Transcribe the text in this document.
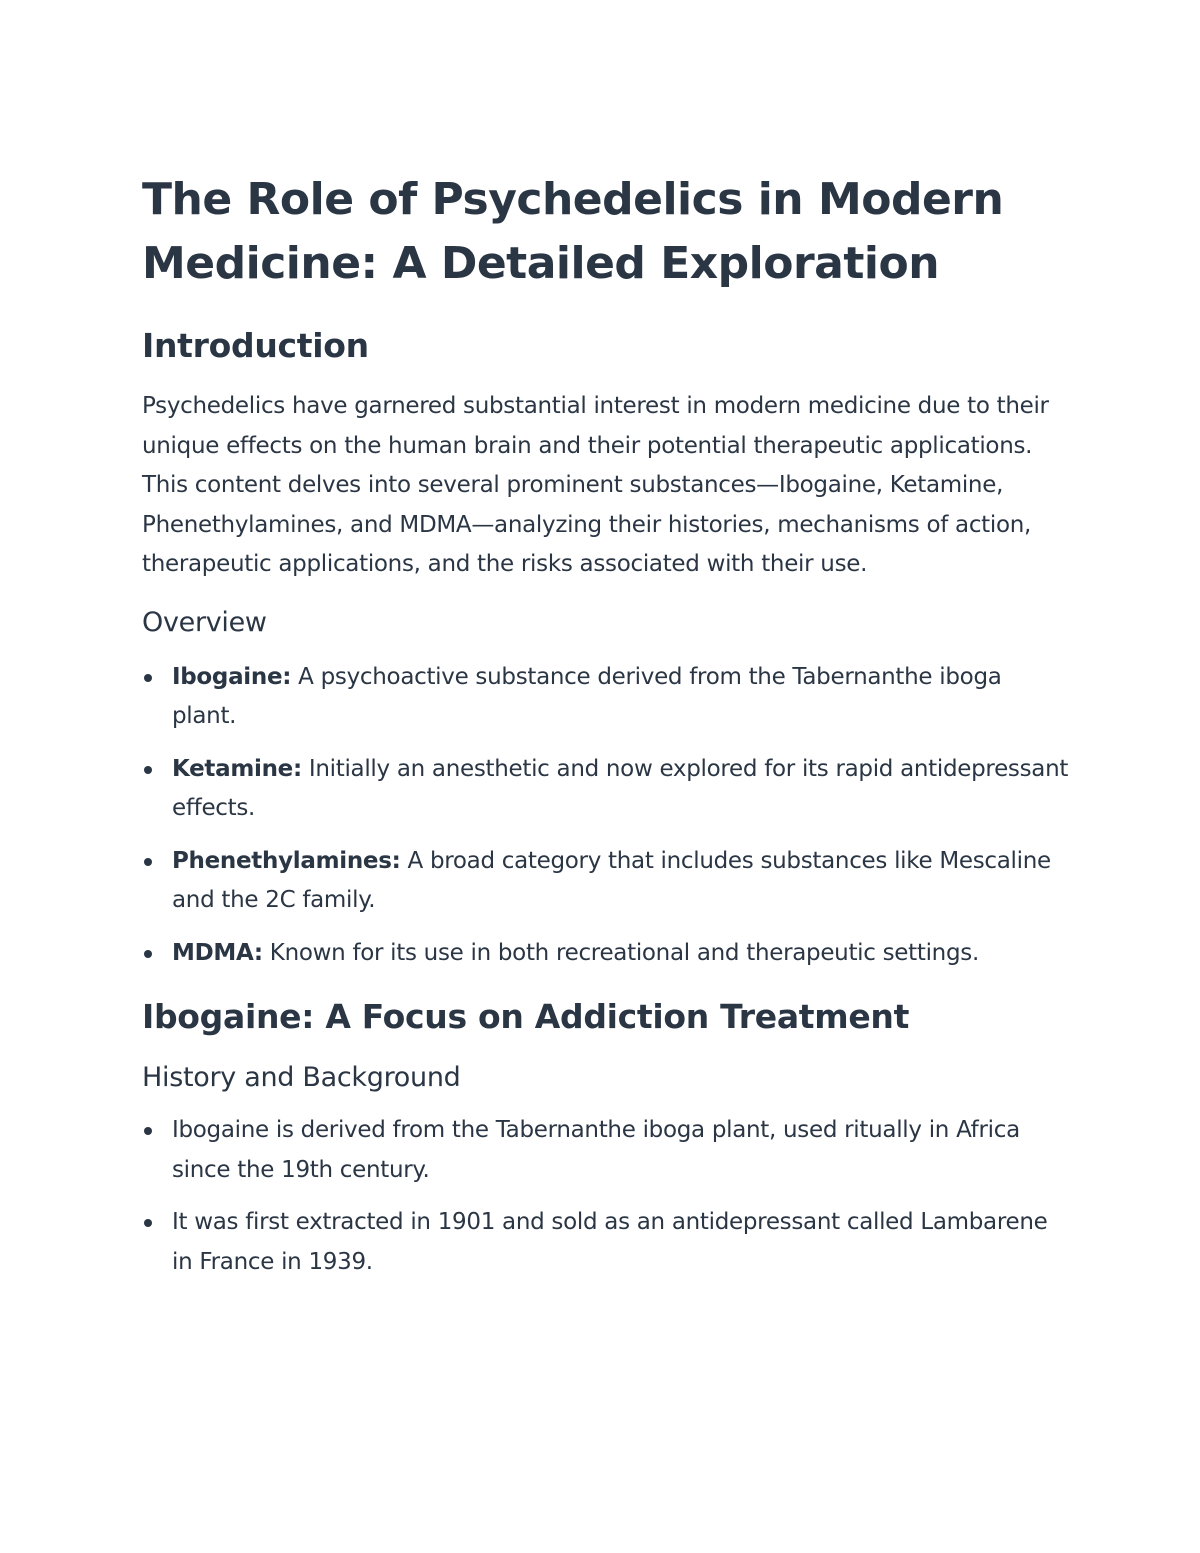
The Role of Psychedelics in Modern Medicine: A Detailed Exploration
Introduction

Psychedelics have garnered substantial interest in modern medicine due to their unique effects on the human brain and their potential therapeutic applications. This content delves into several prominent substances—Ibogaine, Ketamine, Phenethylamines, and MDMA—analyzing their histories, mechanisms of action, therapeutic applications, and the risks associated with their use.

Overview
Ibogaine: A psychoactive substance derived from the Tabernanthe iboga plant.
Ketamine: Initially an anesthetic and now explored for its rapid antidepressant effects.
Phenethylamines: A broad category that includes substances like Mescaline and the 2C family.
MDMA: Known for its use in both recreational and therapeutic settings.
Ibogaine: A Focus on Addiction Treatment
History and Background
Ibogaine is derived from the Tabernanthe iboga plant, used ritually in Africa since the 19th century.
It was first extracted in 1901 and sold as an antidepressant called Lambarene in France in 1939.
